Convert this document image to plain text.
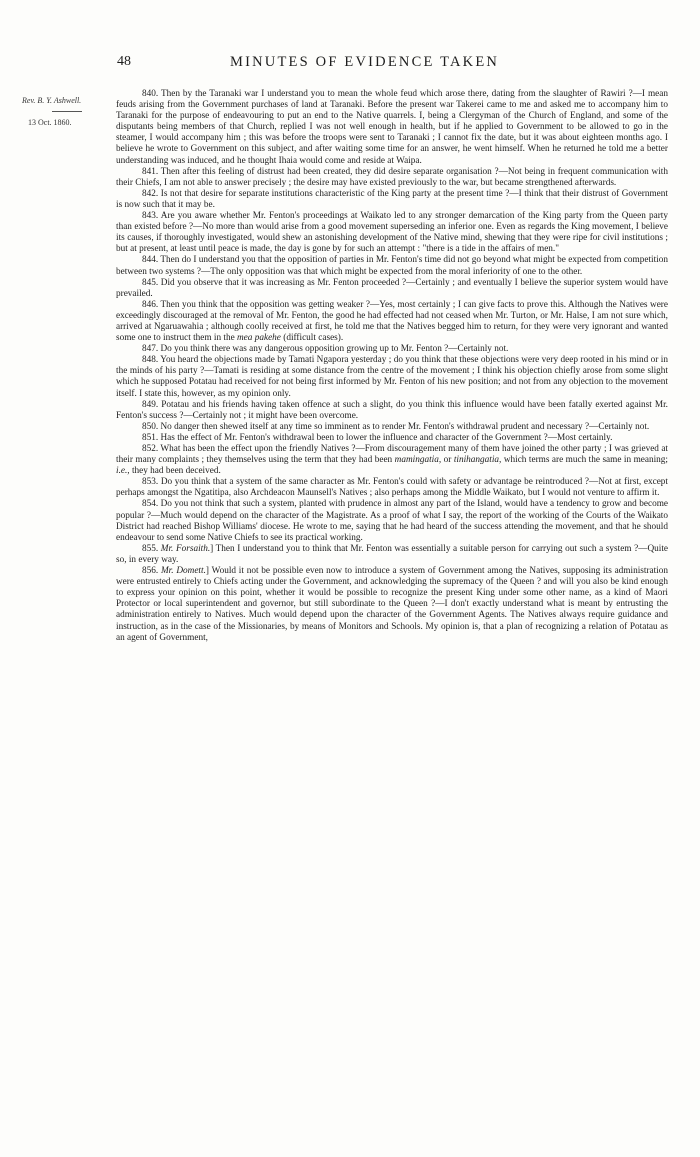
48	MINUTES OF EVIDENCE TAKEN
Rev. B. Y. Ashwell.
13 Oct. 1860.

840. Then by the Taranaki war I understand you to mean the whole feud which arose there, dating from the slaughter of Rawiri ?—I mean feuds arising from the Government purchases of land at Taranaki. Before the present war Takerei came to me and asked me to accompany him to Taranaki for the purpose of endeavouring to put an end to the Native quarrels. I, being a Clergyman of the Church of England, and some of the disputants being members of that Church, replied I was not well enough in health, but if he applied to Government to be allowed to go in the steamer, I would accompany him ; this was before the troops were sent to Taranaki ; I cannot fix the date, but it was about eighteen months ago. I believe he wrote to Government on this subject, and after waiting some time for an answer, he went himself. When he returned he told me a better understanding was induced, and he thought Ihaia would come and reside at Waipa.

841. Then after this feeling of distrust had been created, they did desire separate organisation ?—Not being in frequent communication with their Chiefs, I am not able to answer precisely ; the desire may have existed previously to the war, but became strengthened afterwards.

842. Is not that desire for separate institutions characteristic of the King party at the present time ?—I think that their distrust of Government is now such that it may be.

843. Are you aware whether Mr. Fenton's proceedings at Waikato led to any stronger demarcation of the King party from the Queen party than existed before ?—No more than would arise from a good movement superseding an inferior one. Even as regards the King movement, I believe its causes, if thoroughly investigated, would shew an astonishing development of the Native mind, shewing that they were ripe for civil institutions ; but at present, at least until peace is made, the day is gone by for such an attempt : "there is a tide in the affairs of men."

844. Then do I understand you that the opposition of parties in Mr. Fenton's time did not go beyond what might be expected from competition between two systems ?—The only opposition was that which might be expected from the moral inferiority of one to the other.

845. Did you observe that it was increasing as Mr. Fenton proceeded ?—Certainly ; and eventually I believe the superior system would have prevailed.

846. Then you think that the opposition was getting weaker ?—Yes, most certainly ; I can give facts to prove this. Although the Natives were exceedingly discouraged at the removal of Mr. Fenton, the good he had effected had not ceased when Mr. Turton, or Mr. Halse, I am not sure which, arrived at Ngaruawahia ; although coolly received at first, he told me that the Natives begged him to return, for they were very ignorant and wanted some one to instruct them in the mea pakehe (difficult cases).

847. Do you think there was any dangerous opposition growing up to Mr. Fenton ?—Certainly not.

848. You heard the objections made by Tamati Ngapora yesterday ; do you think that these objections were very deep rooted in his mind or in the minds of his party ?—Tamati is residing at some distance from the centre of the movement ; I think his objection chiefly arose from some slight which he supposed Potatau had received for not being first informed by Mr. Fenton of his new position; and not from any objection to the movement itself. I state this, however, as my opinion only.

849. Potatau and his friends having taken offence at such a slight, do you think this influence would have been fatally exerted against Mr. Fenton's success ?—Certainly not ; it might have been overcome.

850. No danger then shewed itself at any time so imminent as to render Mr. Fenton's withdrawal prudent and necessary ?—Certainly not.

851. Has the effect of Mr. Fenton's withdrawal been to lower the influence and character of the Government ?—Most certainly.

852. What has been the effect upon the friendly Natives ?—From discouragement many of them have joined the other party ; I was grieved at their many complaints ; they themselves using the term that they had been mamingatia, or tinihangatia, which terms are much the same in meaning; i.e., they had been deceived.

853. Do you think that a system of the same character as Mr. Fenton's could with safety or advantage be reintroduced ?—Not at first, except perhaps amongst the Ngatitipa, also Archdeacon Maunsell's Natives ; also perhaps among the Middle Waikato, but I would not venture to affirm it.

854. Do you not think that such a system, planted with prudence in almost any part of the Island, would have a tendency to grow and become popular ?—Much would depend on the character of the Magistrate. As a proof of what I say, the report of the working of the Courts of the Waikato District had reached Bishop Williams' diocese. He wrote to me, saying that he had heard of the success attending the movement, and that he should endeavour to send some Native Chiefs to see its practical working.

855. Mr. Forsaith.] Then I understand you to think that Mr. Fenton was essentially a suitable person for carrying out such a system ?—Quite so, in every way.

856. Mr. Domett.] Would it not be possible even now to introduce a system of Government among the Natives, supposing its administration were entrusted entirely to Chiefs acting under the Government, and acknowledging the supremacy of the Queen ? and will you also be kind enough to express your opinion on this point, whether it would be possible to recognize the present King under some other name, as a kind of Maori Protector or local superintendent and governor, but still subordinate to the Queen ?—I don't exactly understand what is meant by entrusting the administration entirely to Natives. Much would depend upon the character of the Government Agents. The Natives always require guidance and instruction, as in the case of the Missionaries, by means of Monitors and Schools. My opinion is, that a plan of recognizing a relation of Potatau as an agent of Government,
